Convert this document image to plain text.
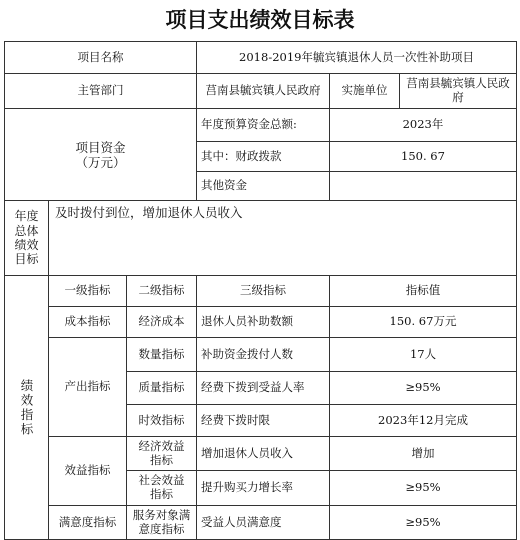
项目支出绩效目标表
项目名称			2018-2019年毓宾镇退休人员一次性补助项目		
主管部门			莒南县毓宾镇人民政府	实施单位	莒南县毓宾镇人民政府

项目资金（万元）			年度预算资金总额:	2023年	
			其中：财政拨款	150. 67	
			其他资金		

年度总体绩效目标	及时拨付到位，增加退休人员收入				

绩效指标	一级指标	二级指标	三级指标	指标值	
	成本指标	经济成本	退休人员补助数额	150. 67万元	
	产出指标	数量指标	补助资金拨付人数	17人	
		质量指标	经费下拨到受益人率	≥95%	
		时效指标	经费下拨时限	2023年12月完成	
	效益指标	经济效益指标	增加退休人员收入	增加	

		社会效益指标	提升购买力增长率	≥95%	
	满意度指标	服务对象满意度指标	受益人员满意度	≥95%	
